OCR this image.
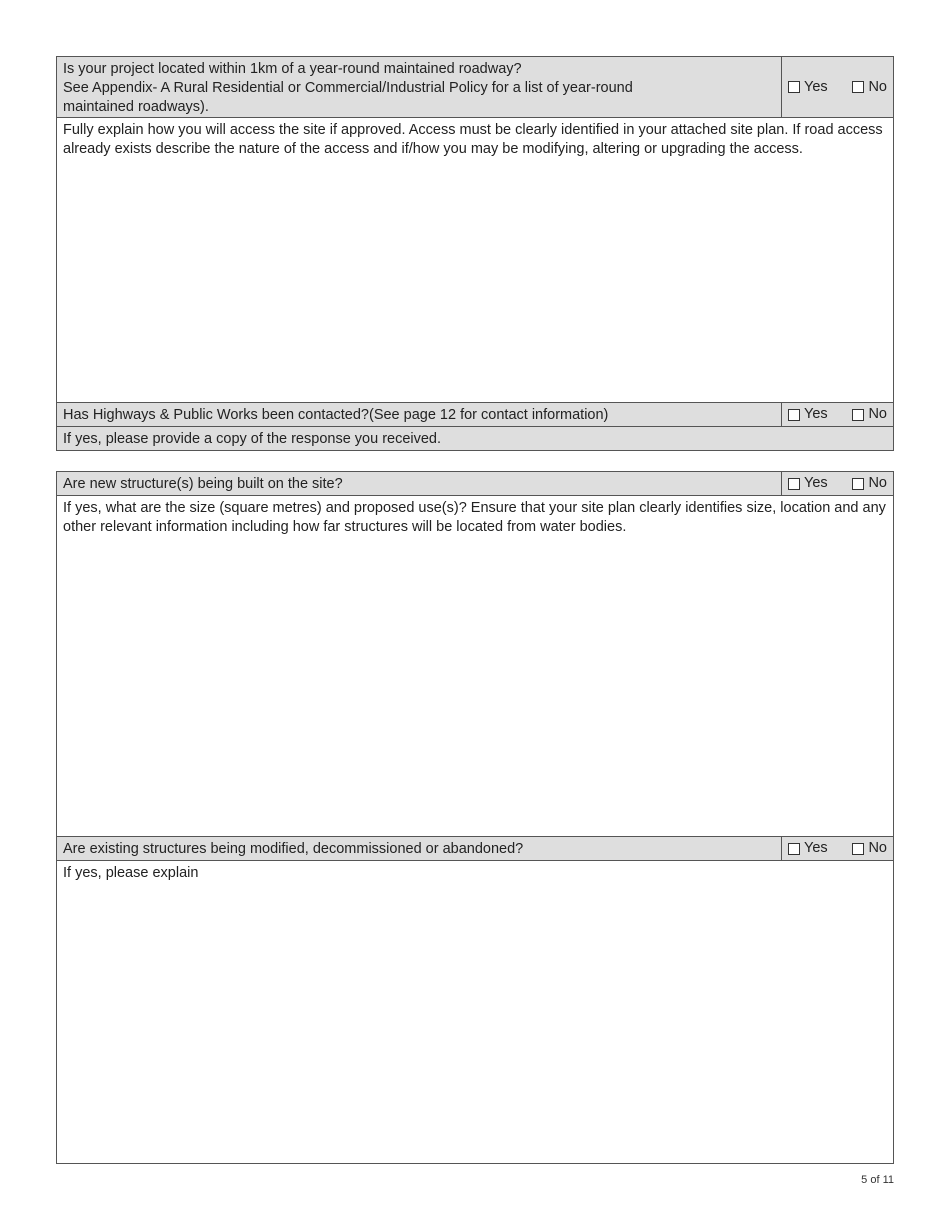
Is your project located within 1km of a year-round maintained roadway?
See Appendix- A Rural Residential or Commercial/Industrial Policy for a list of year-round maintained roadways).
Yes	No
Fully explain how you will access the site if approved. Access must be clearly identified in your attached site plan. If road access already exists describe the nature of the access and if/how you may be modifying, altering or upgrading the access.
Has Highways & Public Works been contacted?(See page 12 for contact information)	Yes	No
If yes, please provide a copy of the response you received.
Are new structure(s) being built on the site?	Yes	No
If yes, what are the size (square metres) and proposed use(s)? Ensure that your site plan clearly identifies size, location and any other relevant information including how far structures will be located from water bodies.
Are existing structures being modified, decommissioned or abandoned?	Yes	No
If yes, please explain
5 of 11
